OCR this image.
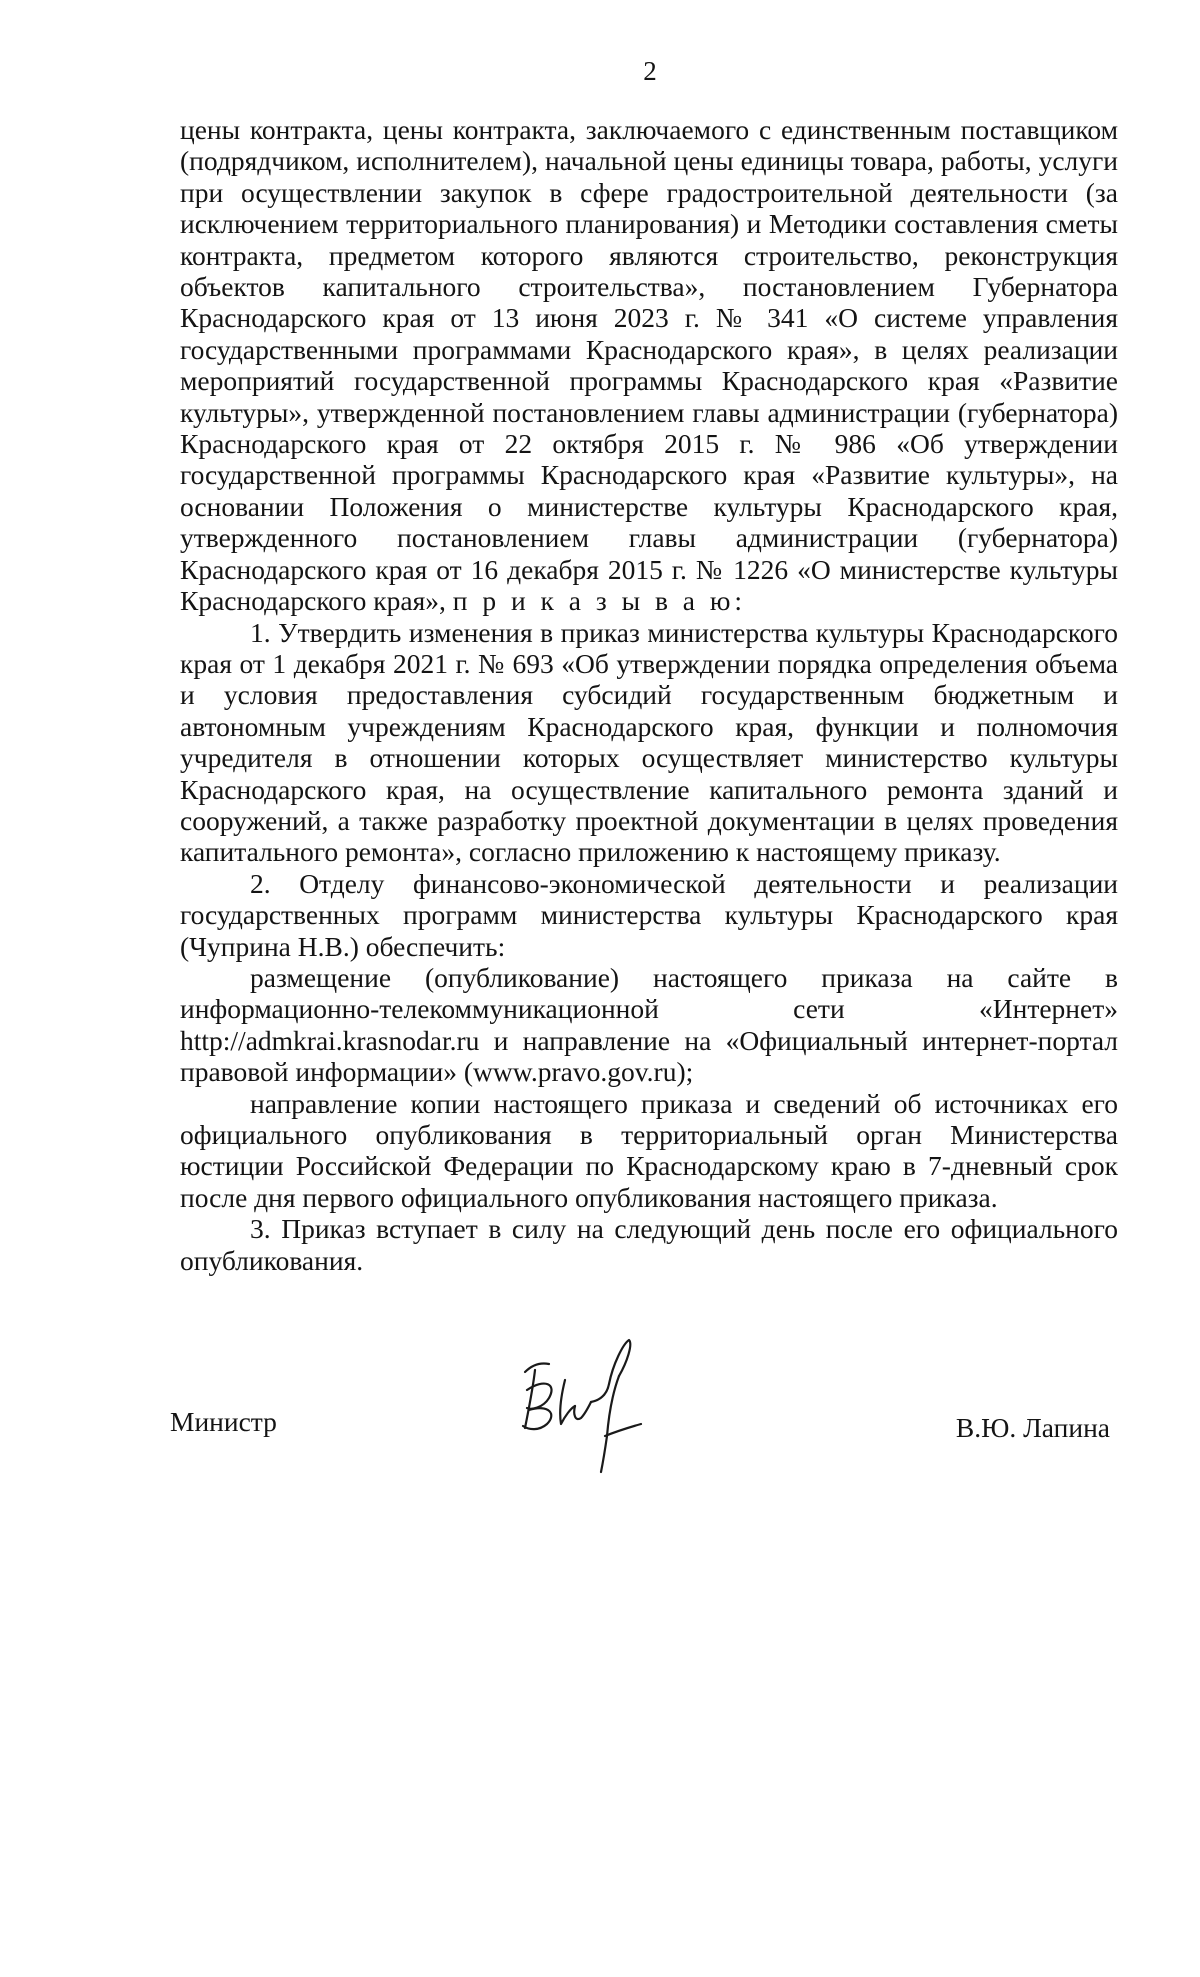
2

цены контракта, цены контракта, заключаемого с единственным поставщиком (подрядчиком, исполнителем), начальной цены единицы товара, работы, услуги при осуществлении закупок в сфере градостроительной деятельности (за исключением территориального планирования) и Методики составления сметы контракта, предметом которого являются строительство, реконструкция объектов капитального строительства», постановлением Губернатора Краснодарского края от 13 июня 2023 г. № 341 «О системе управления государственными программами Краснодарского края», в целях реализации мероприятий государственной программы Краснодарского края «Развитие культуры», утвержденной постановлением главы администрации (губернатора) Краснодарского края от 22 октября 2015 г. № 986 «Об утверждении государственной программы Краснодарского края «Развитие культуры», на основании Положения о министерстве культуры Краснодарского края, утвержденного постановлением главы администрации (губернатора) Краснодарского края от 16 декабря 2015 г. № 1226 «О министерстве культуры Краснодарского края», п р и к а з ы в а ю:

1. Утвердить изменения в приказ министерства культуры Краснодарского края от 1 декабря 2021 г. № 693 «Об утверждении порядка определения объема и условия предоставления субсидий государственным бюджетным и автономным учреждениям Краснодарского края, функции и полномочия учредителя в отношении которых осуществляет министерство культуры Краснодарского края, на осуществление капитального ремонта зданий и сооружений, а также разработку проектной документации в целях проведения капитального ремонта», согласно приложению к настоящему приказу.

2. Отделу финансово-экономической деятельности и реализации государственных программ министерства культуры Краснодарского края (Чуприна Н.В.) обеспечить:

размещение (опубликование) настоящего приказа на сайте в информационно-телекоммуникационной сети «Интернет» http://admkrai.krasnodar.ru и направление на «Официальный интернет-портал правовой информации» (www.pravo.gov.ru);

направление копии настоящего приказа и сведений об источниках его официального опубликования в территориальный орган Министерства юстиции Российской Федерации по Краснодарскому краю в 7-дневный срок после дня первого официального опубликования настоящего приказа.

3. Приказ вступает в силу на следующий день после его официального опубликования.

Министр	В.Ю. Лапина
